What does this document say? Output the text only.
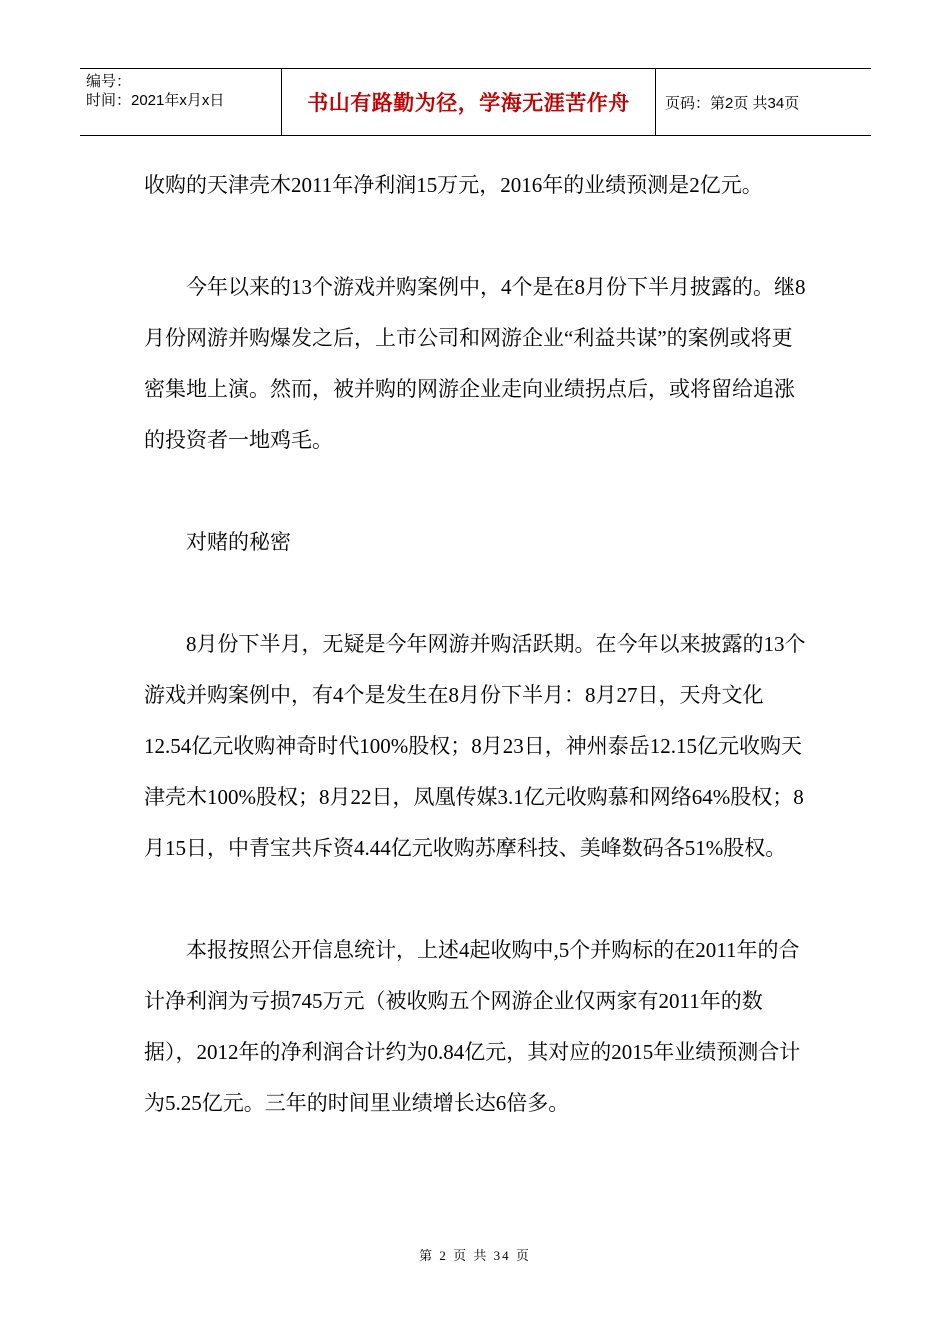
编号：
时间：2021年x月x日	书山有路勤为径，学海无涯苦作舟	页码：第2页 共34页

收购的天津壳木2011年净利润15万元，2016年的业绩预测是2亿元。

今年以来的13个游戏并购案例中，4个是在8月份下半月披露的。继8月份网游并购爆发之后，上市公司和网游企业“利益共谋”的案例或将更密集地上演。然而，被并购的网游企业走向业绩拐点后，或将留给追涨的投资者一地鸡毛。

对赌的秘密

8月份下半月，无疑是今年网游并购活跃期。在今年以来披露的13个游戏并购案例中，有4个是发生在8月份下半月：8月27日，天舟文化12.54亿元收购神奇时代100%股权；8月23日，神州泰岳12.15亿元收购天津壳木100%股权；8月22日，凤凰传媒3.1亿元收购慕和网络64%股权；8月15日，中青宝共斥资4.44亿元收购苏摩科技、美峰数码各51%股权。

本报按照公开信息统计，上述4起收购中,5个并购标的在2011年的合计净利润为亏损745万元（被收购五个网游企业仅两家有2011年的数据），2012年的净利润合计约为0.84亿元，其对应的2015年业绩预测合计为5.25亿元。三年的时间里业绩增长达6倍多。

第 2 页 共 34 页
